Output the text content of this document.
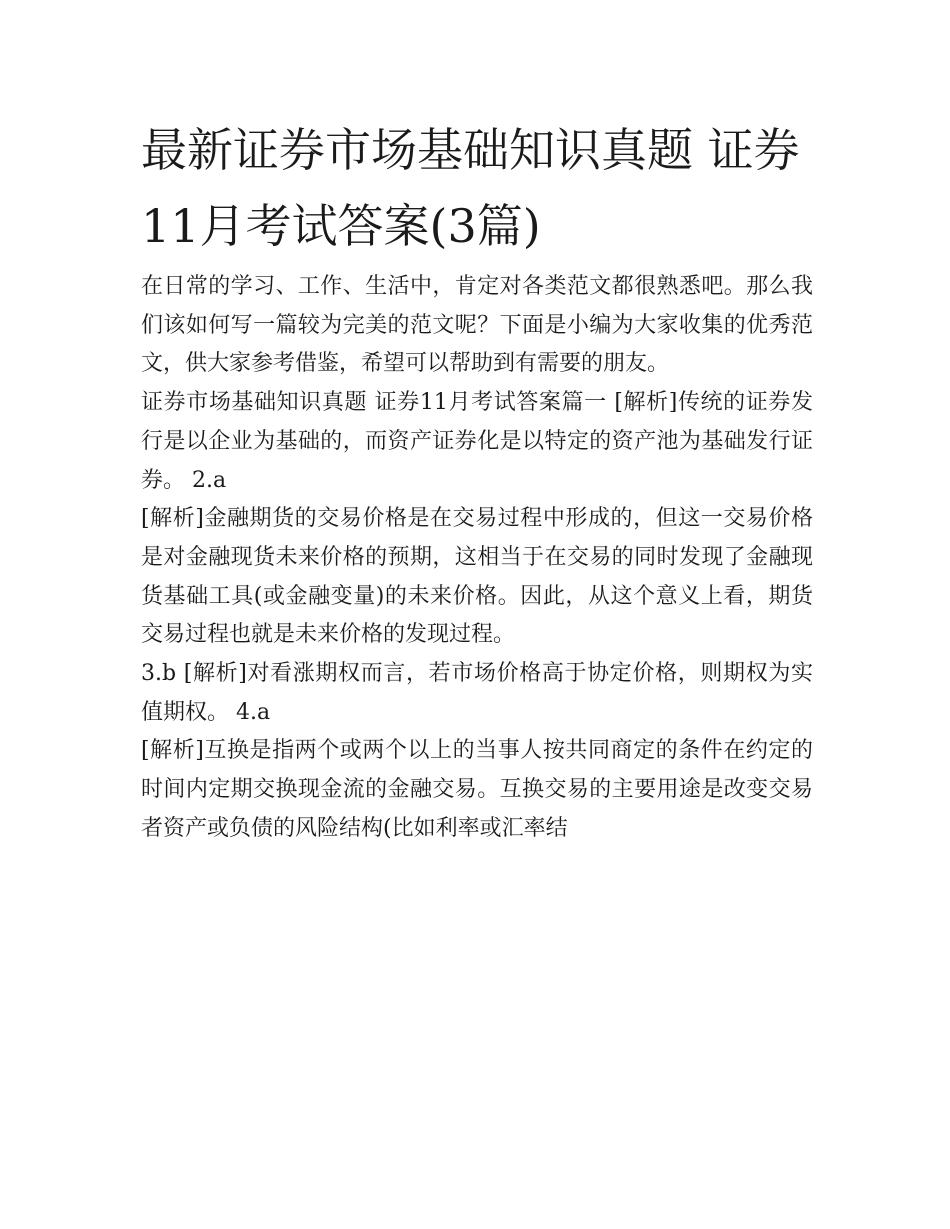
最新证券市场基础知识真题 证券11月考试答案(3篇)

在日常的学习、工作、生活中，肯定对各类范文都很熟悉吧。那么我们该如何写一篇较为完美的范文呢？下面是小编为大家收集的优秀范文，供大家参考借鉴，希望可以帮助到有需要的朋友。

证券市场基础知识真题 证券11月考试答案篇一 [解析]传统的证券发行是以企业为基础的，而资产证券化是以特定的资产池为基础发行证券。 2.a

[解析]金融期货的交易价格是在交易过程中形成的，但这一交易价格是对金融现货未来价格的预期，这相当于在交易的同时发现了金融现货基础工具(或金融变量)的未来价格。因此，从这个意义上看，期货交易过程也就是未来价格的发现过程。

3.b [解析]对看涨期权而言，若市场价格高于协定价格，则期权为实值期权。 4.a

[解析]互换是指两个或两个以上的当事人按共同商定的条件在约定的时间内定期交换现金流的金融交易。互换交易的主要用途是改变交易者资产或负债的风险结构(比如利率或汇率结
